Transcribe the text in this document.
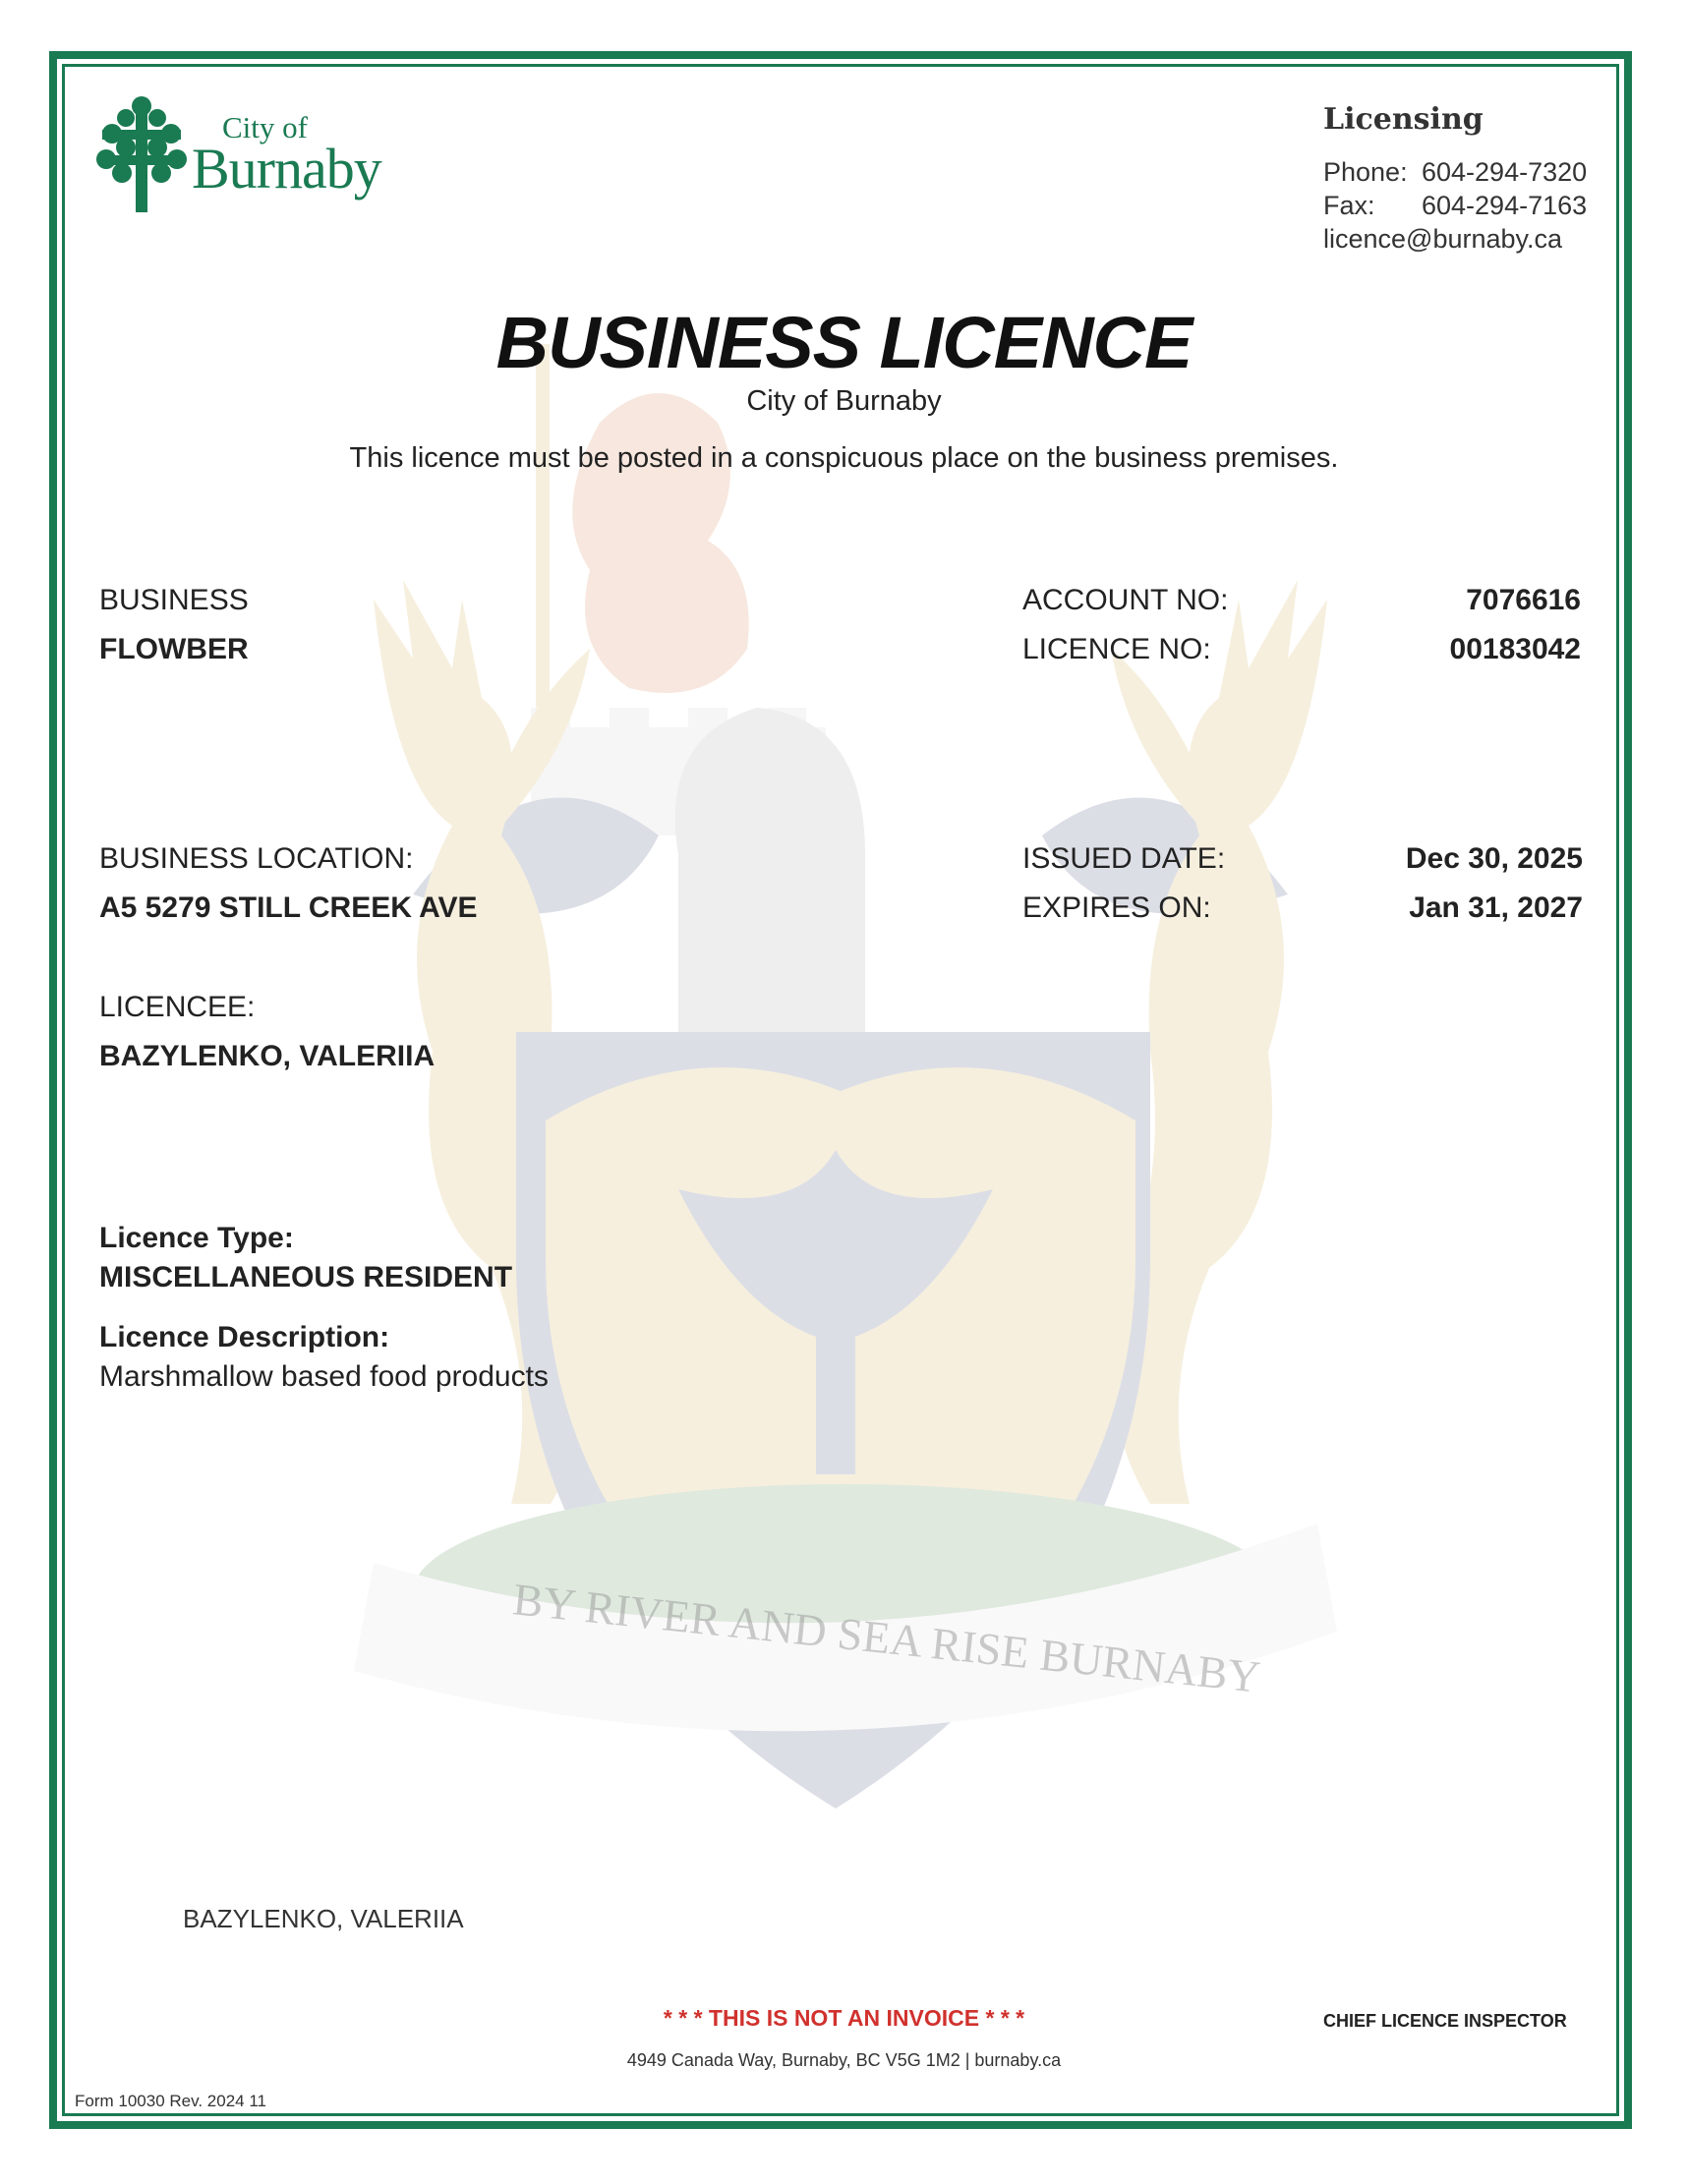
City of
Burnaby
Licensing
Phone: 604-294-7320
Fax: 604-294-7163
licence@burnaby.ca
BUSINESS LICENCE
City of Burnaby
This licence must be posted in a conspicuous place on the business premises.
BUSINESS
FLOWBER
ACCOUNT NO:	7076616
LICENCE NO:	00183042
BUSINESS LOCATION:
A5 5279 STILL CREEK AVE
ISSUED DATE:	Dec 30, 2025
EXPIRES ON:	Jan 31, 2027
LICENCEE:
BAZYLENKO, VALERIIA
Licence Type:
MISCELLANEOUS RESIDENT
Licence Description:
Marshmallow based food products
BAZYLENKO, VALERIIA
* * * THIS IS NOT AN INVOICE * * *
4949 Canada Way, Burnaby, BC V5G 1M2 | burnaby.ca
CHIEF LICENCE INSPECTOR
Form 10030 Rev. 2024 11
BY RIVER AND SEA RISE BURNABY
